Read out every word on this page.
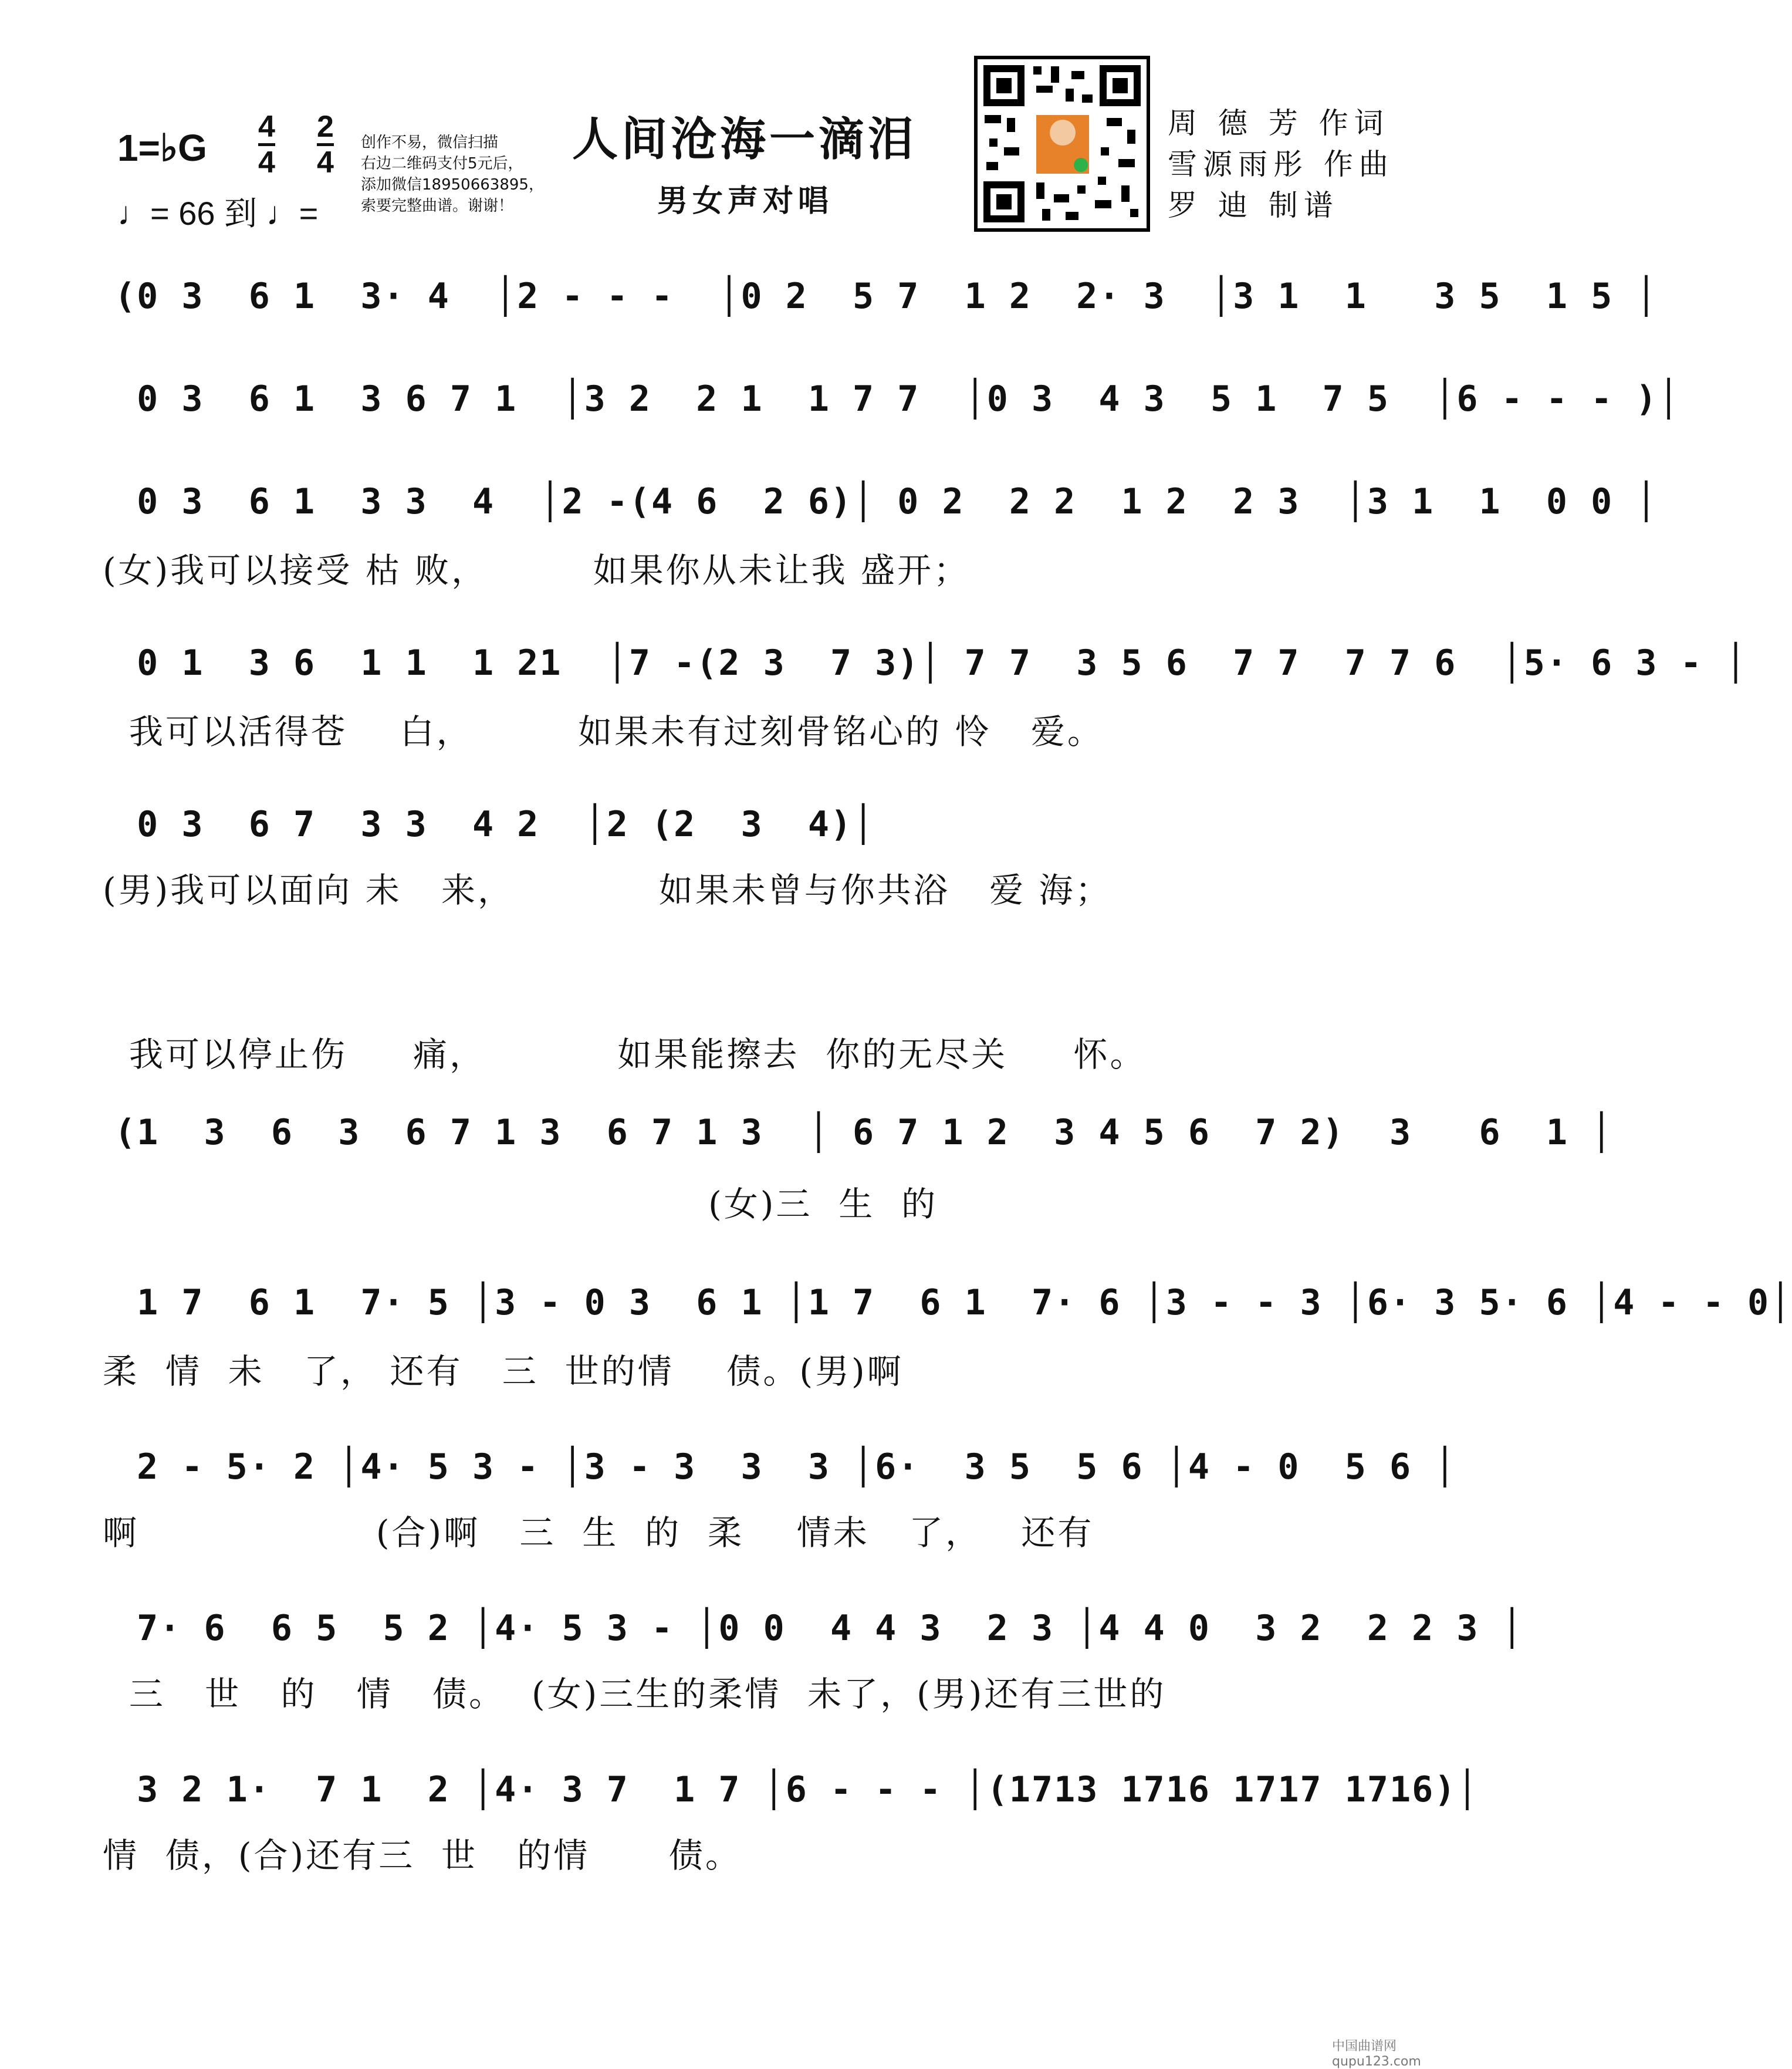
1=♭G 4
4
2
4
♩= 66 到 ♩=
创作不易，微信扫描
右边二维码支付5元后，
添加微信18950663895，
索要完整曲谱。谢谢！
人间沧海一滴泪
男女声对唱
周 德 芳 作词
雪源雨彤 作曲
罗 迪 制谱
(0 3  6 1  3· 4  │2 - - -  │0 2  5 7  1 2  2· 3  │3 1  1   3 5  1 5 │
0 3  6 1  3 6 7 1  │3 2  2 1  1 7 7  │0 3  4 3  5 1  7 5  │6 - - - )│
0 3  6 1  3 3  4  │2 -(4 6  2 6)│ 0 2  2 2  1 2  2 3  │3 1  1  0 0 │
(女)我可以接受 枯 败，        如果你从未让我 盛开；
0 1  3 6  1 1  1 21  │7 -(2 3  7 3)│ 7 7  3 5 6  7 7  7 7 6  │5· 6 3 - │
我可以活得苍    白，        如果未有过刻骨铭心的 怜   爱。
0 3  6 7  3 3  4 2  │2 (2  3  4)│
(男)我可以面向 未   来，           如果未曾与你共浴   爱 海；
我可以停止伤     痛，          如果能擦去  你的无尽关     怀。
(1  3  6  3  6 7 1 3  6 7 1 3  │ 6 7 1 2  3 4 5 6  7 2)  3   6  1 │
(女)三  生  的
1 7  6 1  7· 5 │3 - 0 3  6 1 │1 7  6 1  7· 6 │3 - - 3 │6· 3 5· 6 │4 - - 0│
柔  情  未   了， 还有   三  世的情    债。(男)啊
2 - 5· 2 │4· 5 3 - │3 - 3  3  3 │6·  3 5  5 6 │4 - 0  5 6 │
啊                  (合)啊   三  生  的  柔    情未   了，   还有
7· 6  6 5  5 2 │4· 5 3 - │0 0  4 4 3  2 3 │4 4 0  3 2  2 2 3 │
三   世   的   情   债。  (女)三生的柔情  未了，(男)还有三世的
3 2 1·  7 1  2 │4· 3 7  1 7 │6 - - - │(1713 1716 1717 1716)│
情  债，(合)还有三  世   的情      债。
中国曲谱网 qupu123.com
